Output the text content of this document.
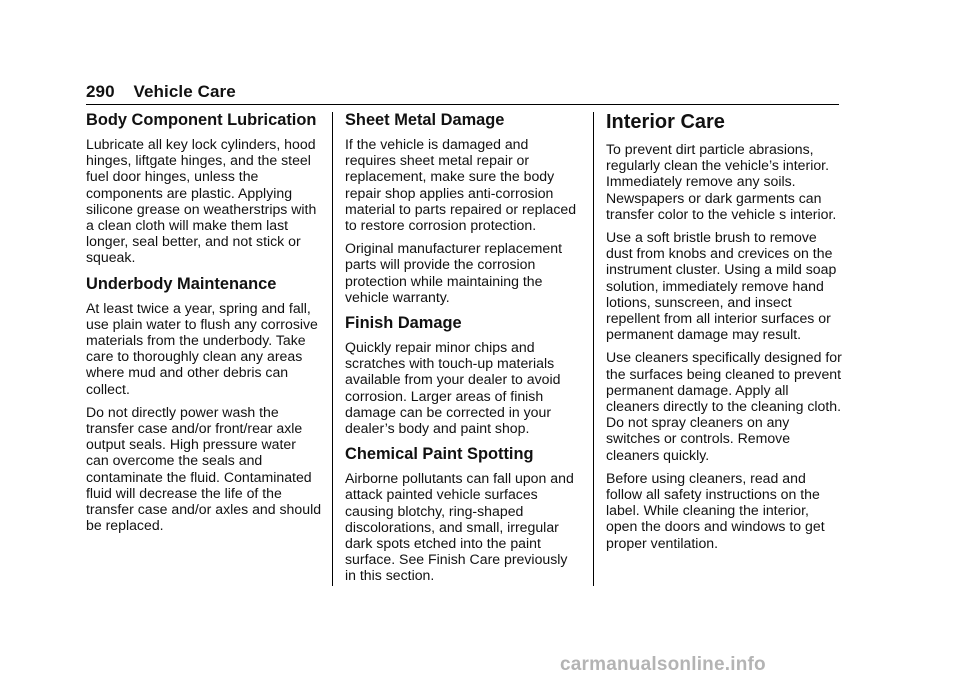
290 Vehicle Care
Body Component Lubrication

Lubricate all key lock cylinders, hood hinges, liftgate hinges, and the steel fuel door hinges, unless the components are plastic. Applying silicone grease on weatherstrips with a clean cloth will make them last longer, seal better, and not stick or squeak.

Underbody Maintenance

At least twice a year, spring and fall, use plain water to flush any corrosive materials from the underbody. Take care to thoroughly clean any areas where mud and other debris can collect.

Do not directly power wash the transfer case and/or front/rear axle output seals. High pressure water can overcome the seals and contaminate the fluid. Contaminated fluid will decrease the life of the transfer case and/or axles and should be replaced.

Sheet Metal Damage

If the vehicle is damaged and requires sheet metal repair or replacement, make sure the body repair shop applies anti-corrosion material to parts repaired or replaced to restore corrosion protection.

Original manufacturer replacement parts will provide the corrosion protection while maintaining the vehicle warranty.

Finish Damage

Quickly repair minor chips and scratches with touch-up materials available from your dealer to avoid corrosion. Larger areas of finish damage can be corrected in your dealer’s body and paint shop.

Chemical Paint Spotting

Airborne pollutants can fall upon and attack painted vehicle surfaces causing blotchy, ring-shaped discolorations, and small, irregular dark spots etched into the paint surface. See Finish Care previously in this section.

Interior Care

To prevent dirt particle abrasions, regularly clean the vehicle’s interior. Immediately remove any soils. Newspapers or dark garments can transfer color to the vehicle s interior.

Use a soft bristle brush to remove dust from knobs and crevices on the instrument cluster. Using a mild soap solution, immediately remove hand lotions, sunscreen, and insect repellent from all interior surfaces or permanent damage may result.

Use cleaners specifically designed for the surfaces being cleaned to prevent permanent damage. Apply all cleaners directly to the cleaning cloth. Do not spray cleaners on any switches or controls. Remove cleaners quickly.

Before using cleaners, read and follow all safety instructions on the label. While cleaning the interior, open the doors and windows to get proper ventilation.

carmanualsonline.info
